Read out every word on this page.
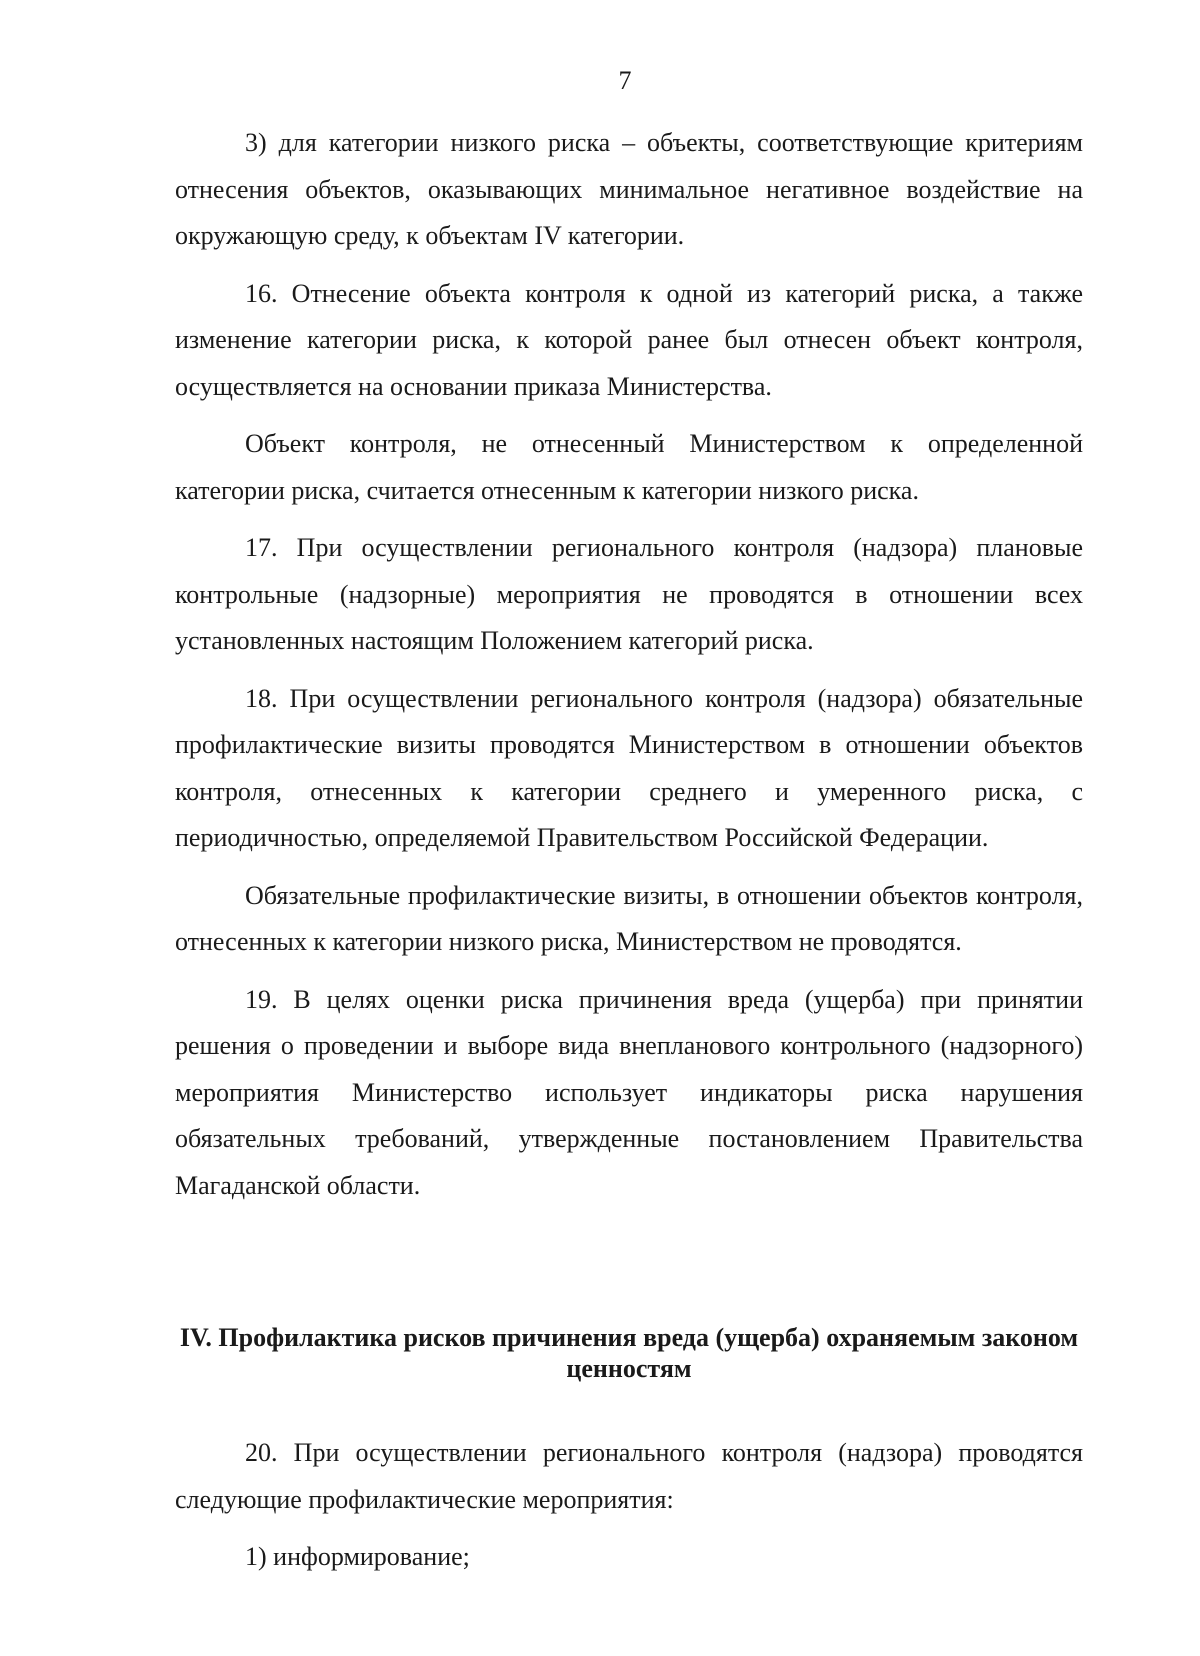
7

3) для категории низкого риска – объекты, соответствующие критериям отнесения объектов, оказывающих минимальное негативное воздействие на окружающую среду, к объектам IV категории.

16. Отнесение объекта контроля к одной из категорий риска, а также изменение категории риска, к которой ранее был отнесен объект контроля, осуществляется на основании приказа Министерства.

Объект контроля, не отнесенный Министерством к определенной категории риска, считается отнесенным к категории низкого риска.

17. При осуществлении регионального контроля (надзора) плановые контрольные (надзорные) мероприятия не проводятся в отношении всех установленных настоящим Положением категорий риска.

18. При осуществлении регионального контроля (надзора) обязательные профилактические визиты проводятся Министерством в отношении объектов контроля, отнесенных к категории среднего и умеренного риска, с периодичностью, определяемой Правительством Российской Федерации.

Обязательные профилактические визиты, в отношении объектов контроля, отнесенных к категории низкого риска, Министерством не проводятся.

19. В целях оценки риска причинения вреда (ущерба) при принятии решения о проведении и выборе вида внепланового контрольного (надзорного) мероприятия Министерство использует индикаторы риска нарушения обязательных требований, утвержденные постановлением Правительства Магаданской области.

IV. Профилактика рисков причинения вреда (ущерба) охраняемым законом ценностям

20. При осуществлении регионального контроля (надзора) проводятся следующие профилактические мероприятия:

1) информирование;
